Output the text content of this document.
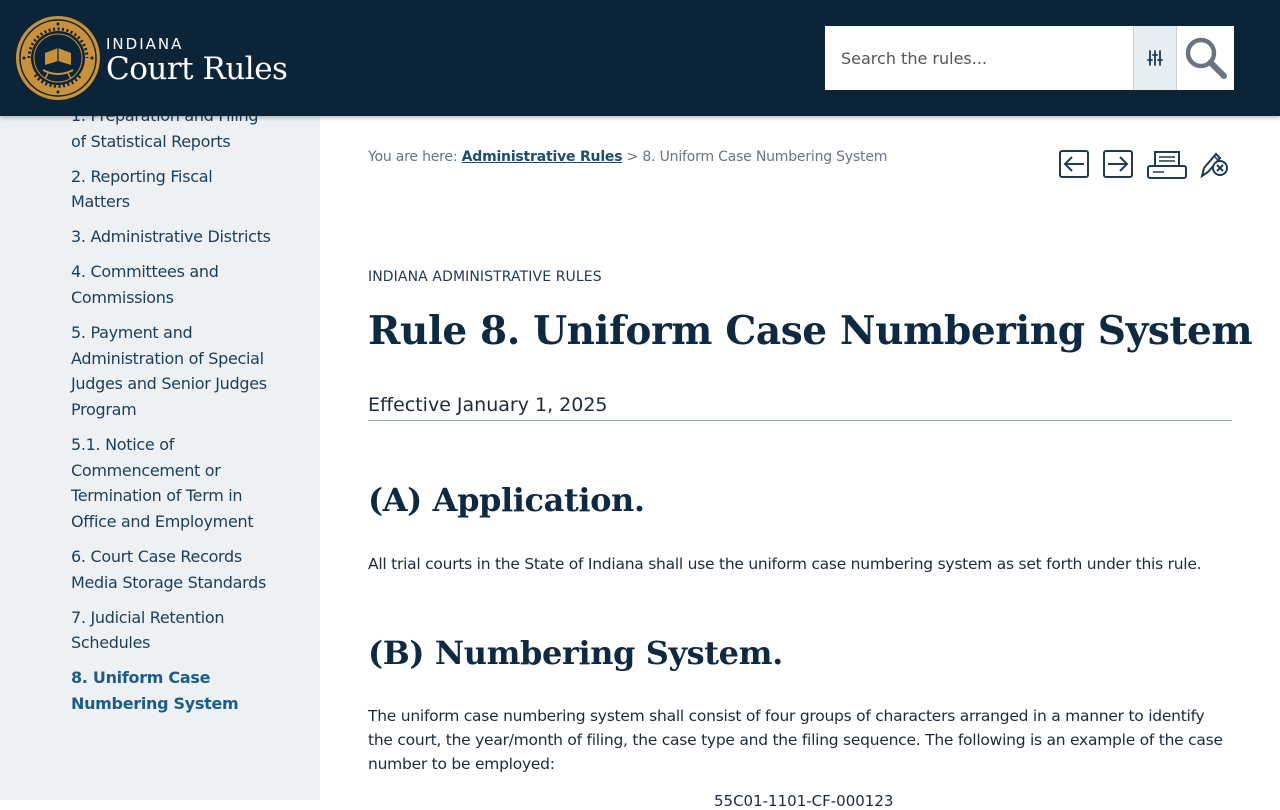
of Statistical Reports
2. Reporting Fiscal Matters
3. Administrative Districts
4. Committees and Commissions
5. Payment and Administration of Special Judges and Senior Judges Program
5.1. Notice of Commencement or Termination of Term in Office and Employment
6. Court Case Records Media Storage Standards
7. Judicial Retention Schedules
8. Uniform Case Numbering System
INDIANA
Court Rules
Search the rules...
You are here: Administrative Rules > 8. Uniform Case Numbering System
INDIANA ADMINISTRATIVE RULES
Rule 8. Uniform Case Numbering System
Effective January 1, 2025
(A) Application.

All trial courts in the State of Indiana shall use the uniform case numbering system as set forth under this rule.

(B) Numbering System.

The uniform case numbering system shall consist of four groups of characters arranged in a manner to identify the court, the year/month of filing, the case type and the filing sequence. The following is an example of the case number to be employed:

55C01-1101-CF-000123
